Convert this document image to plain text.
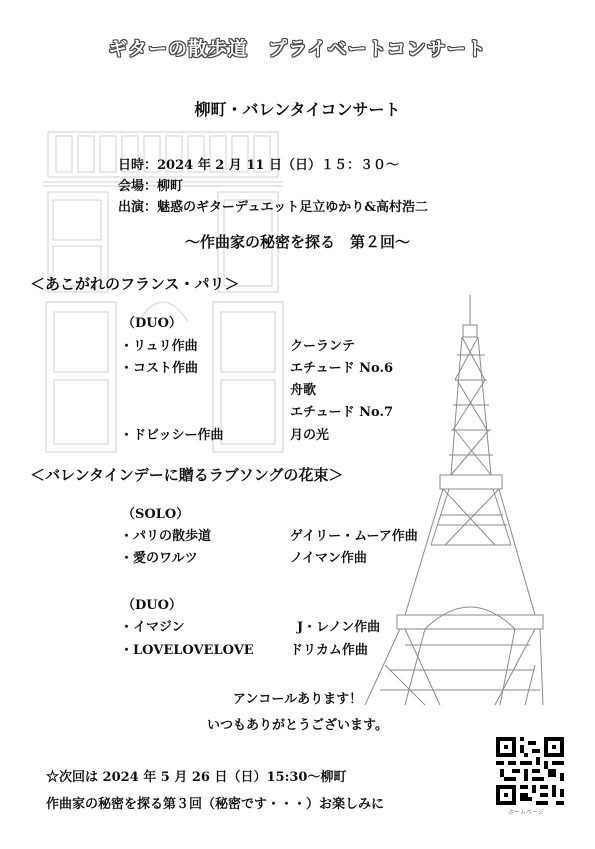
ギターの散歩道　プライベートコンサート
柳町・バレンタイコンサート
日時：2024 年 2 月 11 日（日）１５：３０～
会場：柳町
出演：魅惑のギターデュエット足立ゆかり&高村浩二
～作曲家の秘密を探る　第２回～
＜あこがれのフランス・パリ＞
（DUO）
・リュリ作曲	クーランテ
・コスト作曲	エチュード No.6
舟歌
エチュード No.7
・ドビッシー作曲	月の光
＜バレンタインデーに贈るラブソングの花束＞
（SOLO）
・パリの散歩道	ゲイリー・ムーア作曲
・愛のワルツ	ノイマン作曲
（DUO）
・イマジン	J・レノン作曲
・LOVELOVELOVE	ドリカム作曲
アンコールあります！
いつもありがとうございます。
☆次回は 2024 年 5 月 26 日（日）15:30～柳町
作曲家の秘密を探る第３回（秘密です・・・）お楽しみに
ホームページ
